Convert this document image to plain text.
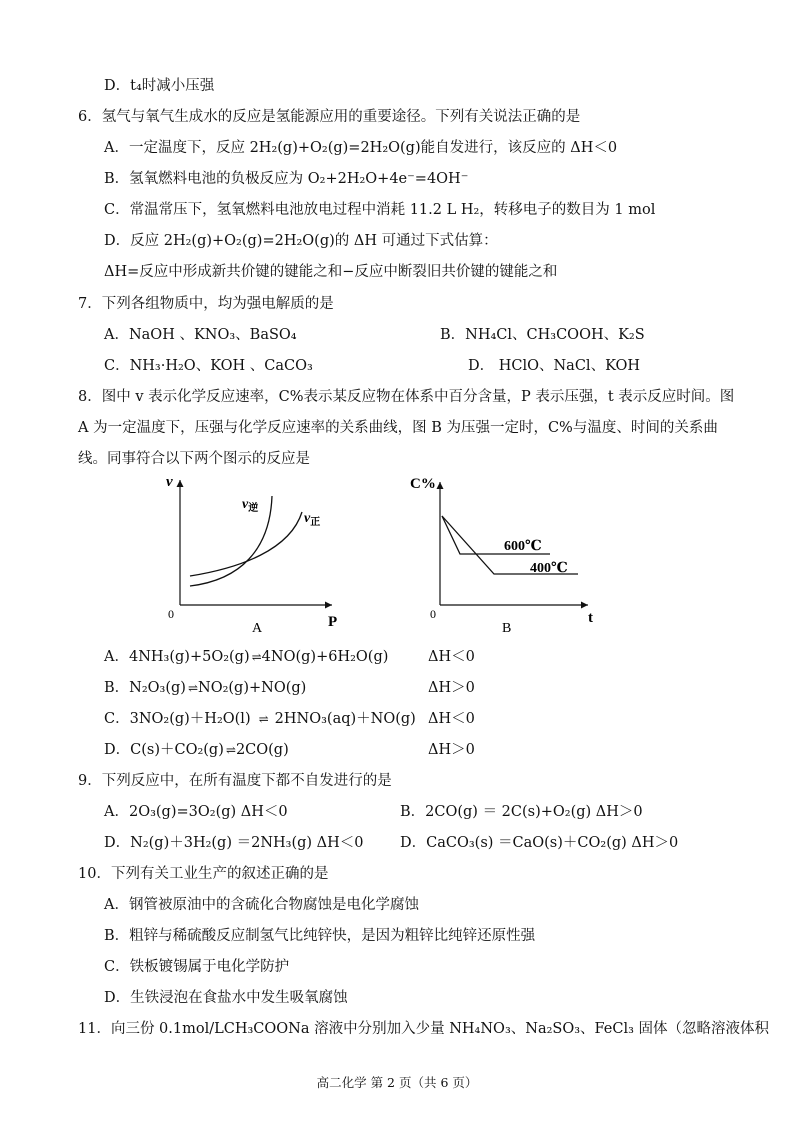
D．t₄时减小压强
6．氢气与氧气生成水的反应是氢能源应用的重要途径。下列有关说法正确的是
A．一定温度下，反应 2H₂(g)+O₂(g)=2H₂O(g)能自发进行，该反应的 ΔH＜0
B．氢氧燃料电池的负极反应为 O₂+2H₂O+4e⁻=4OH⁻
C．常温常压下，氢氧燃料电池放电过程中消耗 11.2 L H₂，转移电子的数目为 1 mol
D．反应 2H₂(g)+O₂(g)=2H₂O(g)的 ΔH 可通过下式估算：
ΔH=反应中形成新共价键的键能之和−反应中断裂旧共价键的键能之和
7．下列各组物质中，均为强电解质的是
A．NaOH 、KNO₃、BaSO₄	B．NH₄Cl、CH₃COOH、K₂S
C．NH₃·H₂O、KOH 、CaCO₃	D． HClO、NaCl、KOH
8．图中 v 表示化学反应速率，C%表示某反应物在体系中百分含量，P 表示压强，t 表示反应时间。图
A 为一定温度下，压强与化学反应速率的关系曲线，图 B 为压强一定时，C%与温度、时间的关系曲
线。同事符合以下两个图示的反应是
v
P
0
A
$v_逆$
$v_正$
C%
t
0
B
600℃
400℃
A．4NH₃(g)+5O₂(g) ⇌ 4NO(g)+6H₂O(g)	ΔH＜0
B．N₂O₃(g) ⇌ NO₂(g)+NO(g)	ΔH＞0
C．3NO₂(g)＋H₂O(l) ⇌ 2HNO₃(aq)＋NO(g) ΔH＜0
D．C(s)＋CO₂(g) ⇌ 2CO(g)	ΔH＞0
9．下列反应中，在所有温度下都不自发进行的是
A．2O₃(g)=3O₂(g) ΔH＜0	B．2CO(g) ＝ 2C(s)+O₂(g) ΔH＞0
D．N₂(g)＋3H₂(g) ＝2NH₃(g) ΔH＜0	D．CaCO₃(s) ＝CaO(s)＋CO₂(g) ΔH＞0
10．下列有关工业生产的叙述正确的是
A．钢管被原油中的含硫化合物腐蚀是电化学腐蚀
B．粗锌与稀硫酸反应制氢气比纯锌快，是因为粗锌比纯锌还原性强
C．铁板镀锡属于电化学防护
D．生铁浸泡在食盐水中发生吸氧腐蚀
11．向三份 0.1mol/LCH₃COONa 溶液中分别加入少量 NH₄NO₃、Na₂SO₃、FeCl₃ 固体（忽略溶液体积
高二化学 第 2 页（共 6 页）
